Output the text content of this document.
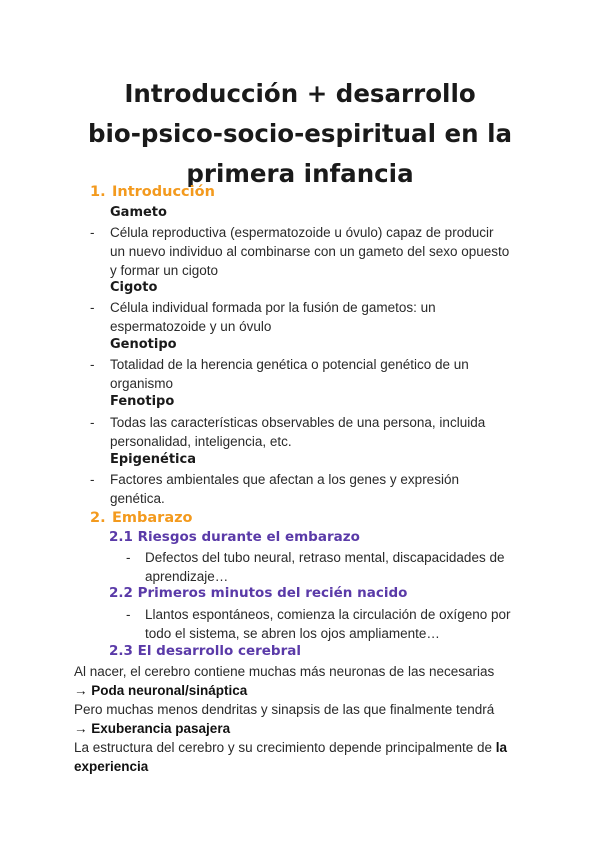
Introducción + desarrollo
bio-psico-socio-espiritual en la
primera infancia
1. Introducción
Gameto
- Célula reproductiva (espermatozoide u óvulo) capaz de producir
un nuevo individuo al combinarse con un gameto del sexo opuesto
y formar un cigoto
Cigoto
- Célula individual formada por la fusión de gametos: un
espermatozoide y un óvulo
Genotipo
- Totalidad de la herencia genética o potencial genético de un
organismo
Fenotipo
- Todas las características observables de una persona, incluida
personalidad, inteligencia, etc.
Epigenética
- Factores ambientales que afectan a los genes y expresión
genética.
2. Embarazo
2.1 Riesgos durante el embarazo
- Defectos del tubo neural, retraso mental, discapacidades de
aprendizaje…
2.2 Primeros minutos del recién nacido
- Llantos espontáneos, comienza la circulación de oxígeno por
todo el sistema, se abren los ojos ampliamente…
2.3 El desarrollo cerebral
Al nacer, el cerebro contiene muchas más neuronas de las necesarias
→ Poda neuronal/sináptica
Pero muchas menos dendritas y sinapsis de las que finalmente tendrá
→ Exuberancia pasajera
La estructura del cerebro y su crecimiento depende principalmente de la
experiencia
